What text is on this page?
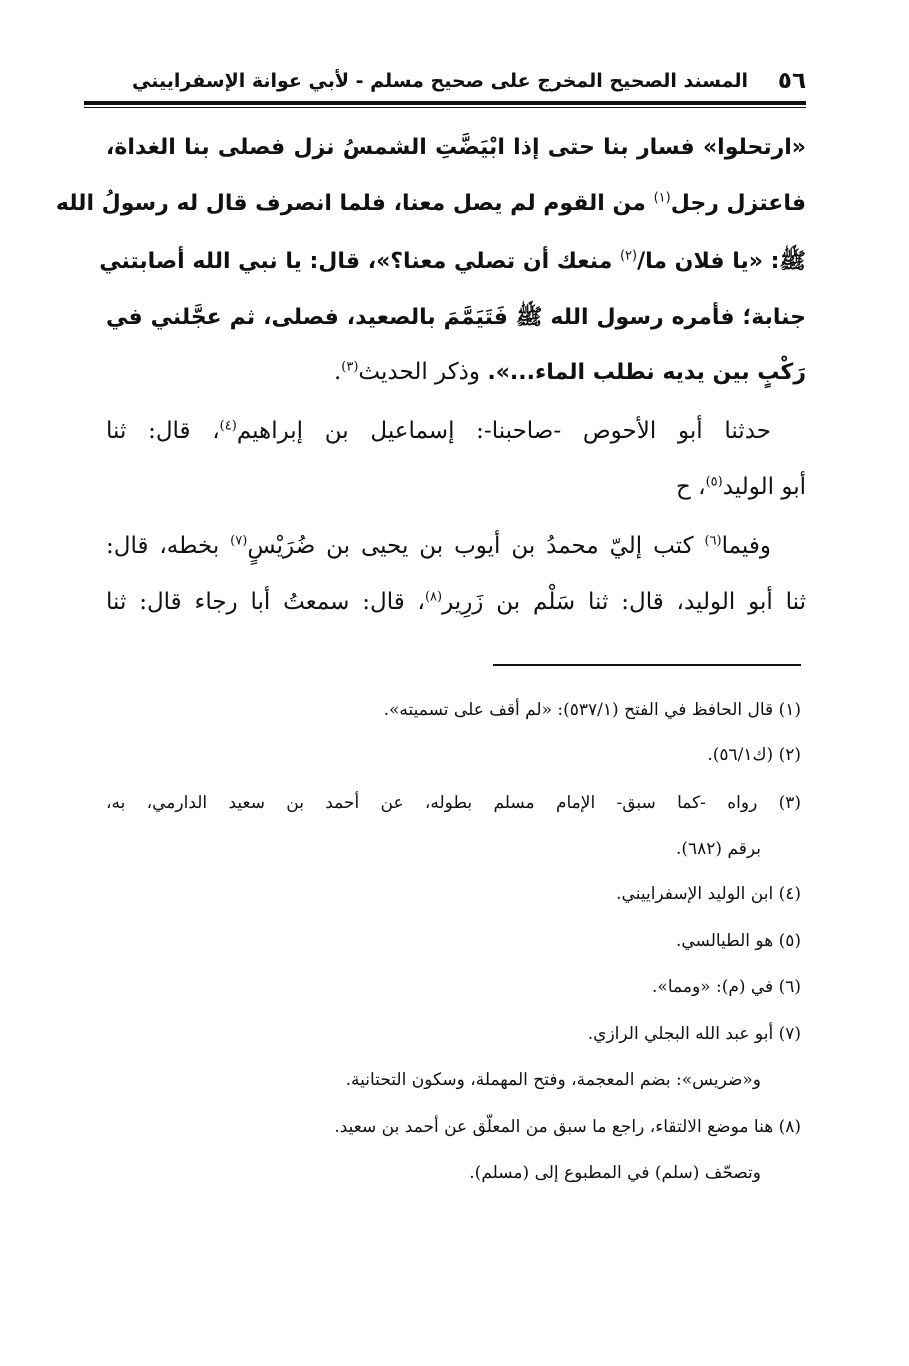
٥٦
المسند الصحيح المخرج على صحيح مسلم - لأبي عوانة الإسفراييني
«ارتحلوا» فسار بنا حتى إذا ابْيَضَّتِ الشمسُ نزل فصلى بنا الغداة،
فاعتزل رجل$^{(١)}$ من القوم لم يصل معنا، فلما انصرف قال له رسولُ الله
ﷺ: «يا فلان ما/$^{(٢)}$ منعك أن تصلي معنا؟»، قال: يا نبي الله أصابتني
جنابة؛ فأمره رسول الله ﷺ فَتَيَمَّمَ بالصعيد، فصلى، ثم عجَّلني في
رَكْبٍ بين يديه نطلب الماء...». وذكر الحديث$^{(٣)}$.
حدثنا أبو الأحوص -صاحبنا-: إسماعيل بن إبراهيم$^{(٤)}$، قال: ثنا
أبو الوليد$^{(٥)}$، ح
وفيما$^{(٦)}$ كتب إليّ محمدُ بن أيوب بن يحيى بن ضُرَيْسٍ$^{(٧)}$ بخطه، قال:
ثنا أبو الوليد، قال: ثنا سَلْم بن زَرِير$^{(٨)}$، قال: سمعتُ أبا رجاء قال: ثنا
(١) قال الحافظ في الفتح (٥٣٧/١): «لم أقف على تسميته».
(٢) (ك٥٦/١).
(٣) رواه -كما سبق- الإمام مسلم بطوله، عن أحمد بن سعيد الدارمي، به،
برقم (٦٨٢).
(٤) ابن الوليد الإسفراييني.
(٥) هو الطيالسي.
(٦) في (م): «ومما».
(٧) أبو عبد الله البجلي الرازي.
و«ضريس»: بضم المعجمة، وفتح المهملة، وسكون التحتانية.
(٨) هنا موضع الالتقاء، راجع ما سبق من المعلّق عن أحمد بن سعيد.
وتصحّف (سلم) في المطبوع إلى (مسلم).
